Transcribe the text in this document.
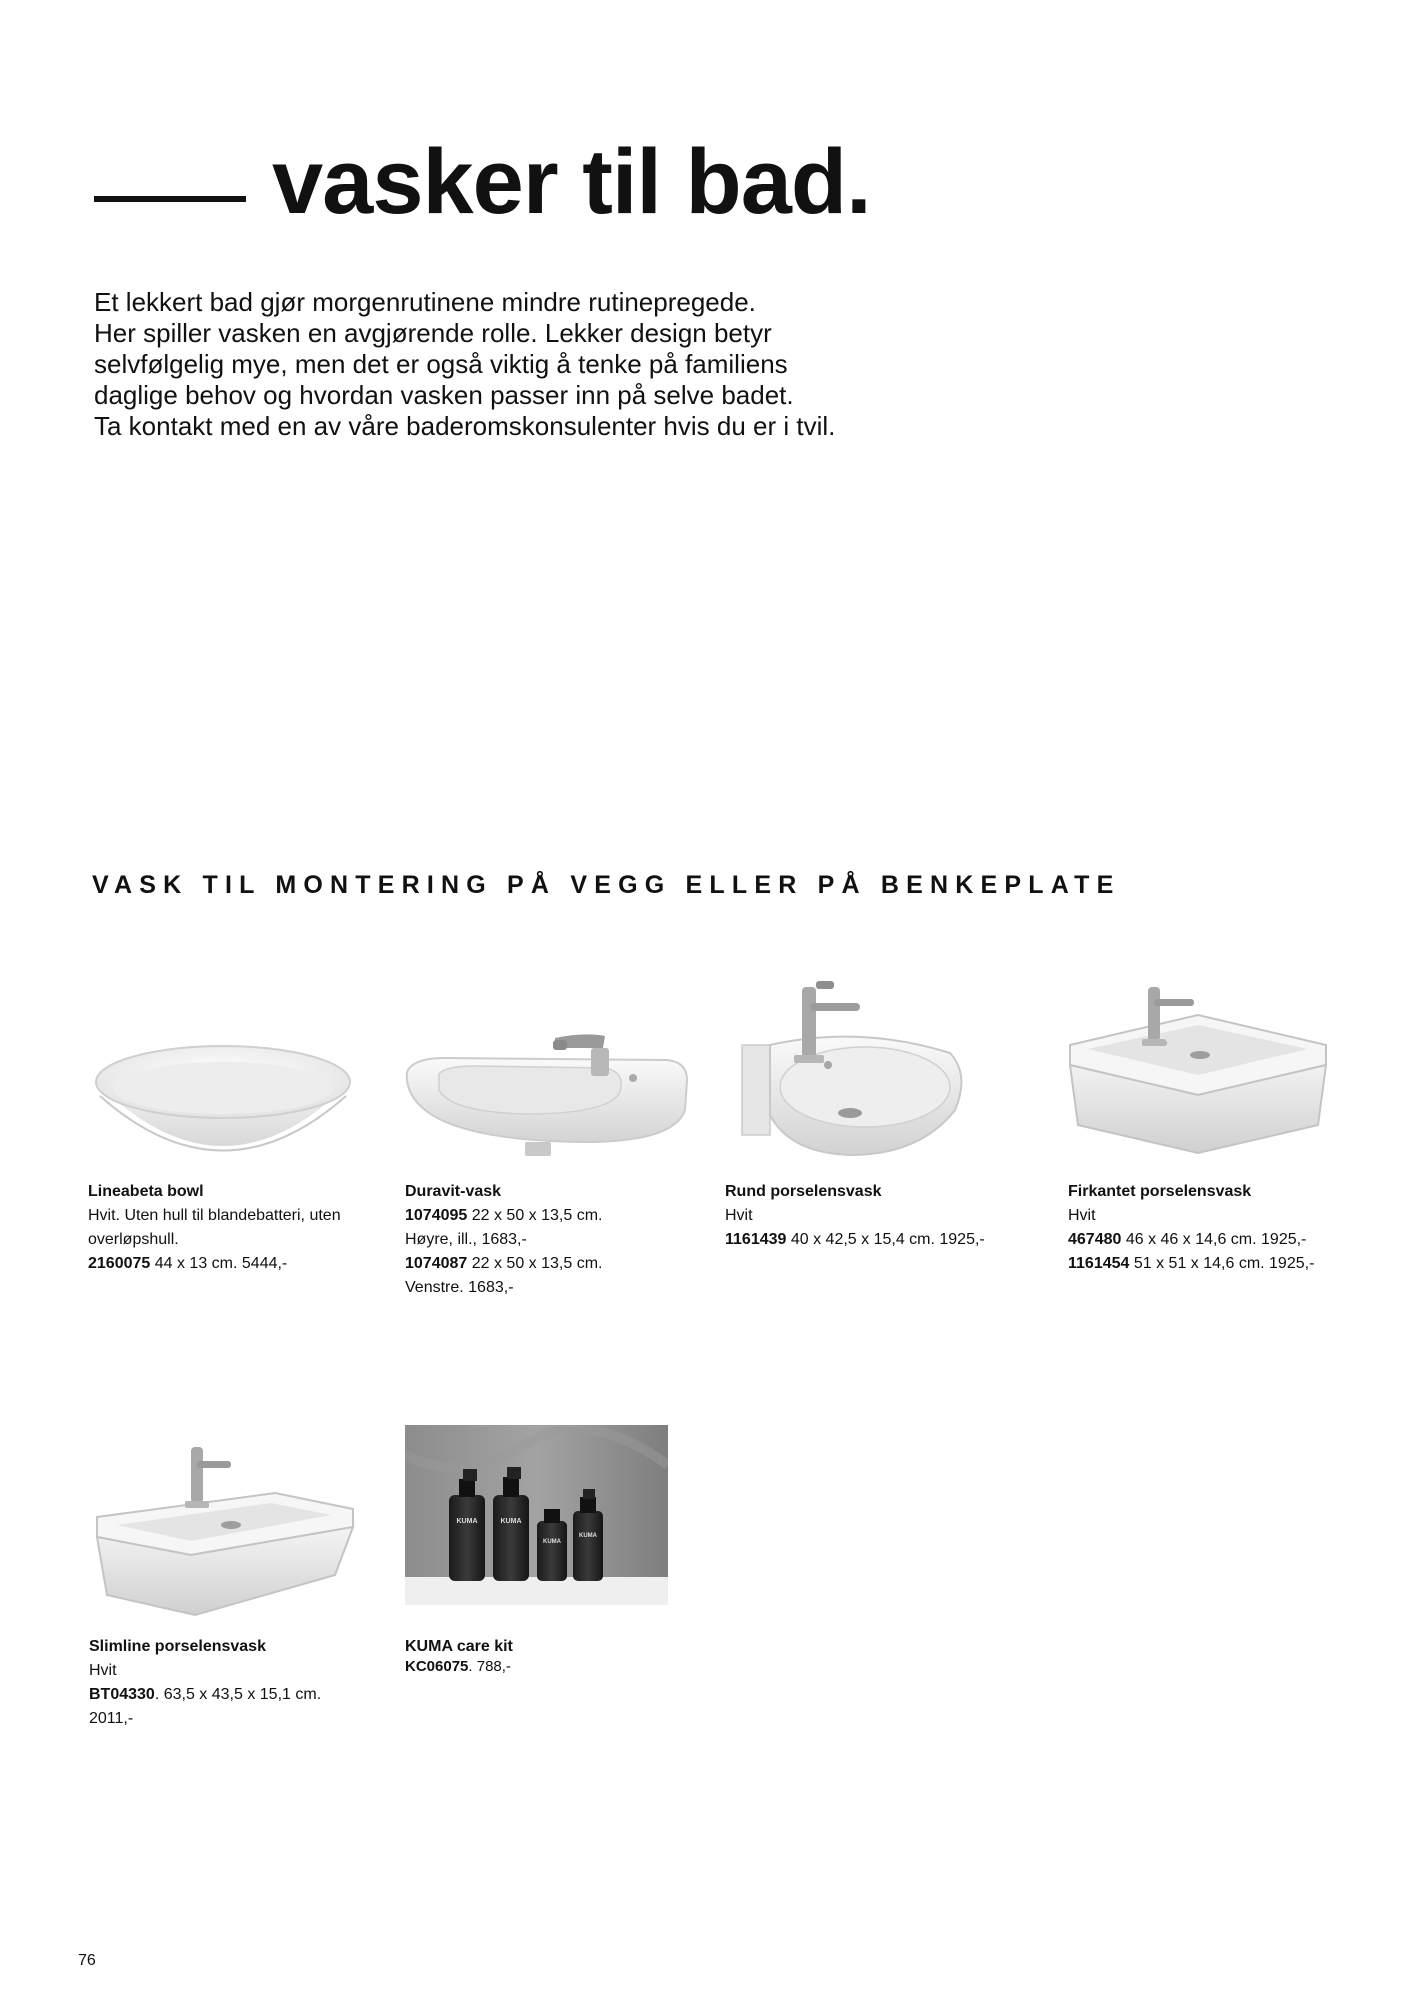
vasker til bad.
Et lekkert bad gjør morgenrutinene mindre rutinepregede.
Her spiller vasken en avgjørende rolle. Lekker design betyr
selvfølgelig mye, men det er også viktig å tenke på familiens
daglige behov og hvordan vasken passer inn på selve badet.
Ta kontakt med en av våre baderomskonsulenter hvis du er i tvil.
VASK TIL MONTERING PÅ VEGG ELLER PÅ BENKEPLATE
Lineabeta bowl
Hvit. Uten hull til blandebatteri, uten
overløpshull.
2160075 44 x 13 cm. 5444,-
Duravit-vask
1074095 22 x 50 x 13,5 cm.
Høyre, ill., 1683,-
1074087 22 x 50 x 13,5 cm.
Venstre. 1683,-
Rund porselensvask
Hvit
1161439 40 x 42,5 x 15,4 cm. 1925,-
Firkantet porselensvask
Hvit
467480 46 x 46 x 14,6 cm. 1925,-
1161454 51 x 51 x 14,6 cm. 1925,-
Slimline porselensvask
Hvit
BT04330. 63,5 x 43,5 x 15,1 cm.
2011,-
KUMA	KUMA
KUMA
KUMA
KUMA care kit
KC06075. 788,-
76
